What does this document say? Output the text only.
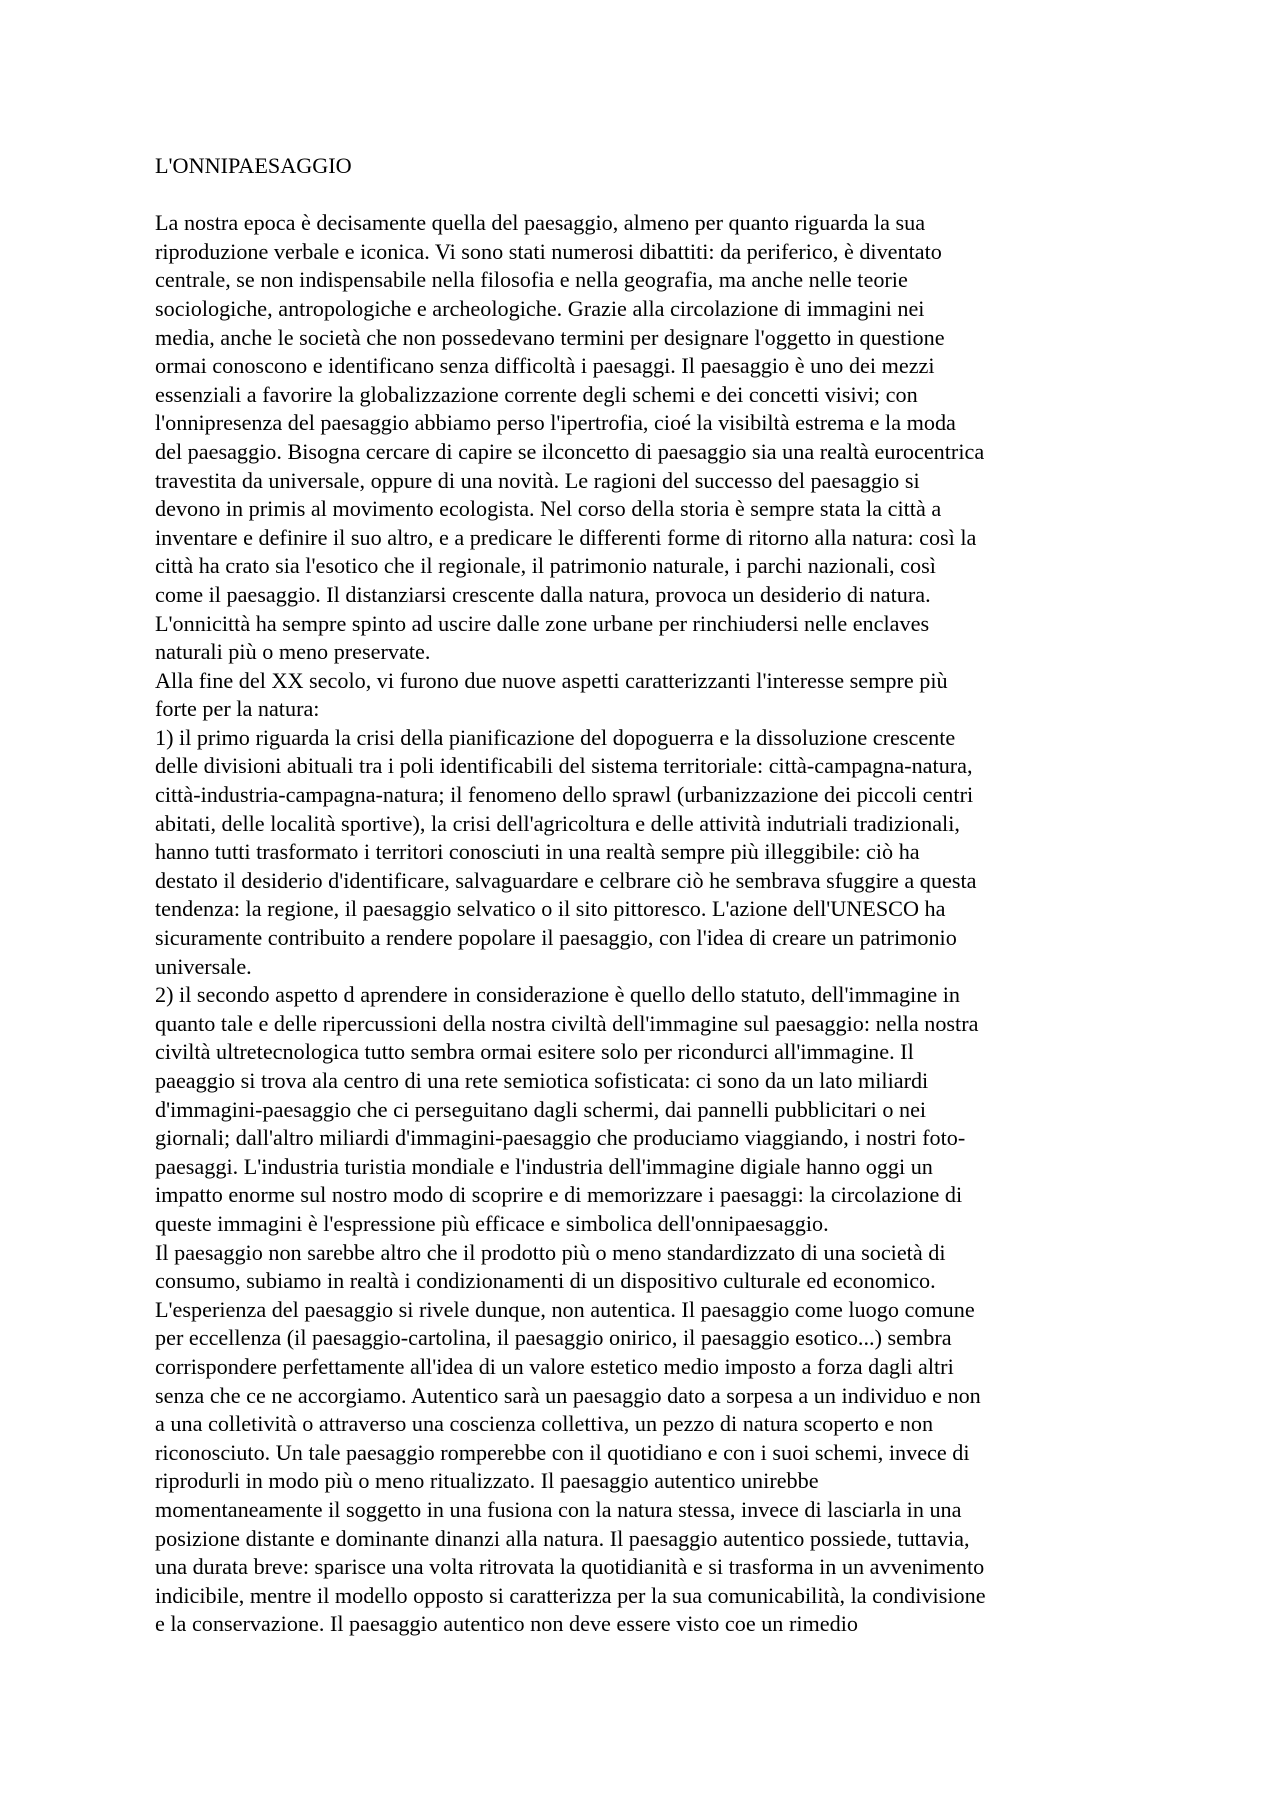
L'ONNIPAESAGGIO
La nostra epoca è decisamente quella del paesaggio, almeno per quanto riguarda la sua
riproduzione verbale e iconica. Vi sono stati numerosi dibattiti: da periferico, è diventato
centrale, se non indispensabile nella filosofia e nella geografia, ma anche nelle teorie
sociologiche, antropologiche e archeologiche. Grazie alla circolazione di immagini nei
media, anche le società che non possedevano termini per designare l'oggetto in questione
ormai conoscono e identificano senza difficoltà i paesaggi. Il paesaggio è uno dei mezzi
essenziali a favorire la globalizzazione corrente degli schemi e dei concetti visivi; con
l'onnipresenza del paesaggio abbiamo perso l'ipertrofia, cioé la visibiltà estrema e la moda
del paesaggio. Bisogna cercare di capire se ilconcetto di paesaggio sia una realtà eurocentrica
travestita da universale, oppure di una novità. Le ragioni del successo del paesaggio si
devono in primis al movimento ecologista. Nel corso della storia è sempre stata la città a
inventare e definire il suo altro, e a predicare le differenti forme di ritorno alla natura: così la
città ha crato sia l'esotico che il regionale, il patrimonio naturale, i parchi nazionali, così
come il paesaggio. Il distanziarsi crescente dalla natura, provoca un desiderio di natura.
L'onnicittà ha sempre spinto ad uscire dalle zone urbane per rinchiudersi nelle enclaves
naturali più o meno preservate.
Alla fine del XX secolo, vi furono due nuove aspetti caratterizzanti l'interesse sempre più
forte per la natura:
1) il primo riguarda la crisi della pianificazione del dopoguerra e la dissoluzione crescente
delle divisioni abituali tra i poli identificabili del sistema territoriale: città-campagna-natura,
città-industria-campagna-natura; il fenomeno dello sprawl (urbanizzazione dei piccoli centri
abitati, delle località sportive), la crisi dell'agricoltura e delle attività indutriali tradizionali,
hanno tutti trasformato i territori conosciuti in una realtà sempre più illeggibile: ciò ha
destato il desiderio d'identificare, salvaguardare e celbrare ciò he sembrava sfuggire a questa
tendenza: la regione, il paesaggio selvatico o il sito pittoresco. L'azione dell'UNESCO ha
sicuramente contribuito a rendere popolare il paesaggio, con l'idea di creare un patrimonio
universale.
2) il secondo aspetto d aprendere in considerazione è quello dello statuto, dell'immagine in
quanto tale e delle ripercussioni della nostra civiltà dell'immagine sul paesaggio: nella nostra
civiltà ultretecnologica tutto sembra ormai esitere solo per ricondurci all'immagine. Il
paeaggio si trova ala centro di una rete semiotica sofisticata: ci sono da un lato miliardi
d'immagini-paesaggio che ci perseguitano dagli schermi, dai pannelli pubblicitari o nei
giornali; dall'altro miliardi d'immagini-paesaggio che produciamo viaggiando, i nostri foto-
paesaggi. L'industria turistia mondiale e l'industria dell'immagine digiale hanno oggi un
impatto enorme sul nostro modo di scoprire e di memorizzare i paesaggi: la circolazione di
queste immagini è l'espressione più efficace e simbolica dell'onnipaesaggio.
Il paesaggio non sarebbe altro che il prodotto più o meno standardizzato di una società di
consumo, subiamo in realtà i condizionamenti di un dispositivo culturale ed economico.
L'esperienza del paesaggio si rivele dunque, non autentica. Il paesaggio come luogo comune
per eccellenza (il paesaggio-cartolina, il paesaggio onirico, il paesaggio esotico...) sembra
corrispondere perfettamente all'idea di un valore estetico medio imposto a forza dagli altri
senza che ce ne accorgiamo. Autentico sarà un paesaggio dato a sorpesa a un individuo e non
a una colletività o attraverso una coscienza collettiva, un pezzo di natura scoperto e non
riconosciuto. Un tale paesaggio romperebbe con il quotidiano e con i suoi schemi, invece di
riprodurli in modo più o meno ritualizzato. Il paesaggio autentico unirebbe
momentaneamente il soggetto in una fusiona con la natura stessa, invece di lasciarla in una
posizione distante e dominante dinanzi alla natura. Il paesaggio autentico possiede, tuttavia,
una durata breve: sparisce una volta ritrovata la quotidianità e si trasforma in un avvenimento
indicibile, mentre il modello opposto si caratterizza per la sua comunicabilità, la condivisione
e la conservazione. Il paesaggio autentico non deve essere visto coe un rimedio
